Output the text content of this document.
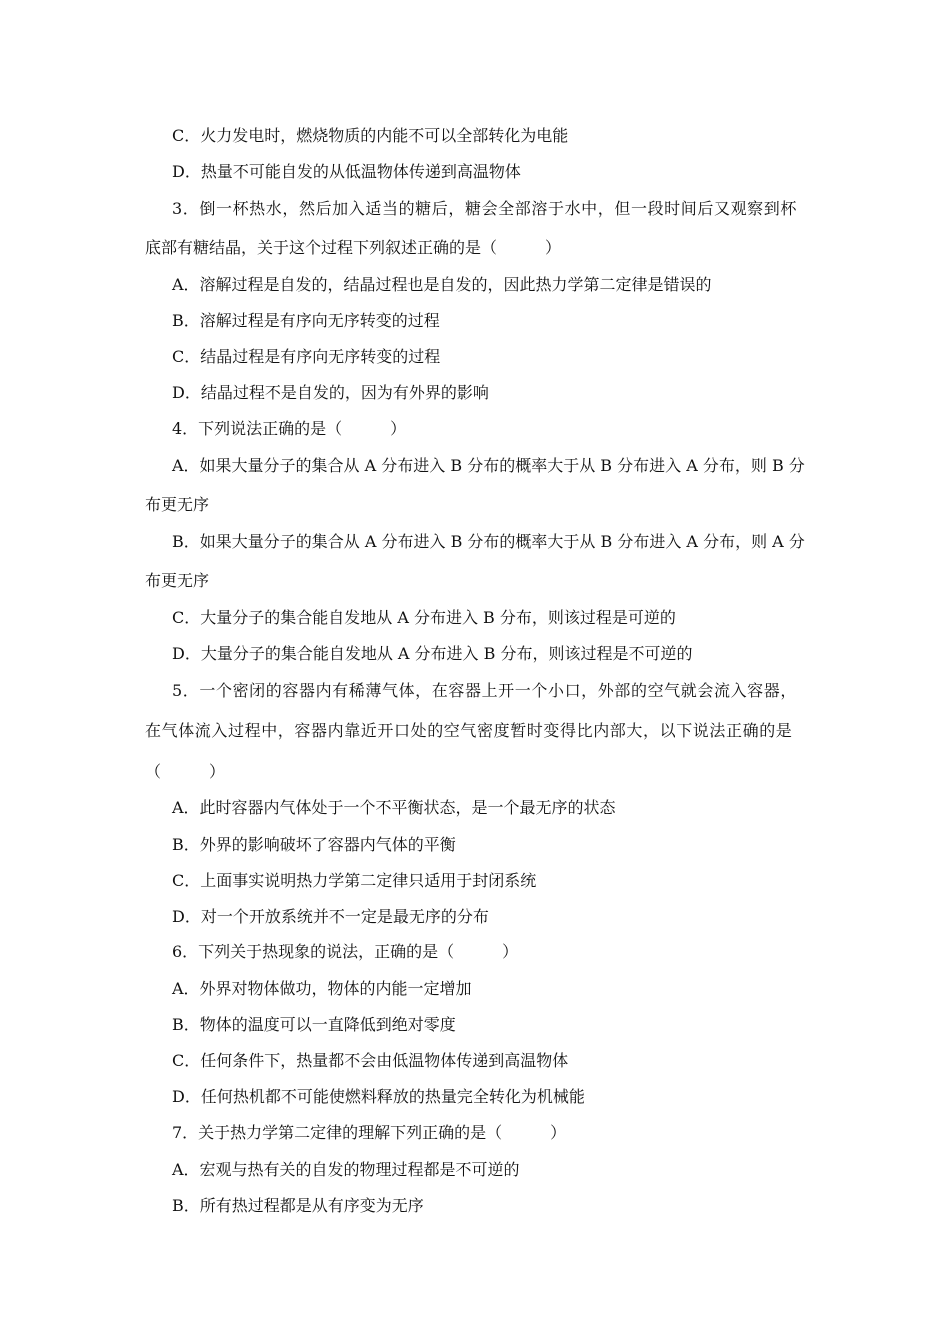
C．火力发电时，燃烧物质的内能不可以全部转化为电能
D．热量不可能自发的从低温物体传递到高温物体
3．倒一杯热水，然后加入适当的糖后，糖会全部溶于水中，但一段时间后又观察到杯
底部有糖结晶，关于这个过程下列叙述正确的是（　　　）
A．溶解过程是自发的，结晶过程也是自发的，因此热力学第二定律是错误的
B．溶解过程是有序向无序转变的过程
C．结晶过程是有序向无序转变的过程
D．结晶过程不是自发的，因为有外界的影响
4．下列说法正确的是（　　　）
A．如果大量分子的集合从 A 分布进入 B 分布的概率大于从 B 分布进入 A 分布，则 B 分
布更无序
B．如果大量分子的集合从 A 分布进入 B 分布的概率大于从 B 分布进入 A 分布，则 A 分
布更无序
C．大量分子的集合能自发地从 A 分布进入 B 分布，则该过程是可逆的
D．大量分子的集合能自发地从 A 分布进入 B 分布，则该过程是不可逆的
5．一个密闭的容器内有稀薄气体，在容器上开一个小口，外部的空气就会流入容器，
在气体流入过程中，容器内靠近开口处的空气密度暂时变得比内部大，以下说法正确的是
（　　　）
A．此时容器内气体处于一个不平衡状态，是一个最无序的状态
B．外界的影响破坏了容器内气体的平衡
C．上面事实说明热力学第二定律只适用于封闭系统
D．对一个开放系统并不一定是最无序的分布
6．下列关于热现象的说法，正确的是（　　　）
A．外界对物体做功，物体的内能一定增加
B．物体的温度可以一直降低到绝对零度
C．任何条件下，热量都不会由低温物体传递到高温物体
D．任何热机都不可能使燃料释放的热量完全转化为机械能
7．关于热力学第二定律的理解下列正确的是（　　　）
A．宏观与热有关的自发的物理过程都是不可逆的
B．所有热过程都是从有序变为无序
